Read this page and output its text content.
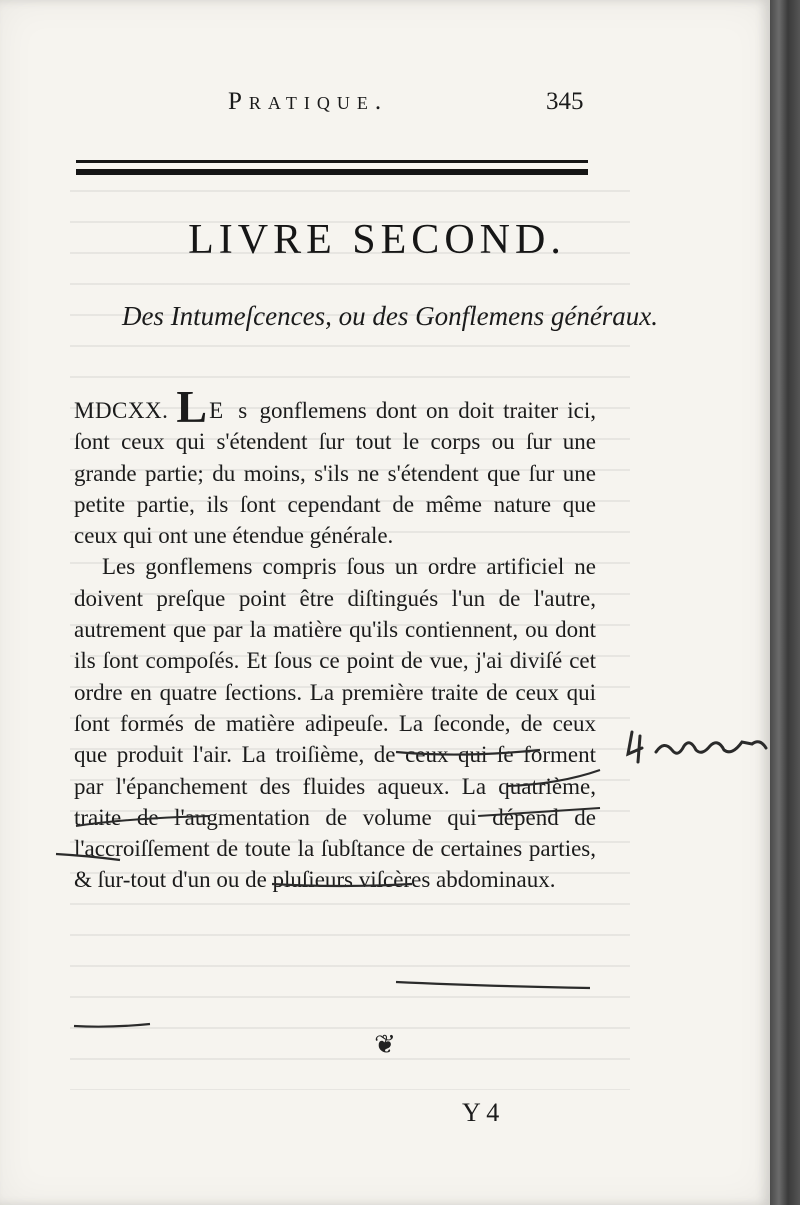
Pratique.	345
LIVRE SECOND.
Des Intumeſcences, ou des Gonflemens généraux.

MDCXX. LE s gonflemens dont on doit traiter ici, ſont ceux qui s'étendent ſur tout le corps ou ſur une grande partie; du moins, s'ils ne s'étendent que ſur une petite partie, ils ſont cependant de même nature que ceux qui ont une étendue générale.

Les gonflemens compris ſous un ordre artificiel ne doivent preſque point être diſtingués l'un de l'autre, autrement que par la matière qu'ils contiennent, ou dont ils ſont compoſés. Et ſous ce point de vue, j'ai diviſé cet ordre en quatre ſections. La première traite de ceux qui ſont formés de matière adipeuſe. La ſeconde, de ceux que produit l'air. La troiſième, de ceux qui ſe forment par l'épanchement des fluides aqueux. La quatrième, traite de l'augmentation de volume qui dépend de l'accroiſſement de toute la ſubſtance de certaines parties, & ſur-tout d'un ou de pluſieurs viſcères abdominaux.

❦
Y 4
